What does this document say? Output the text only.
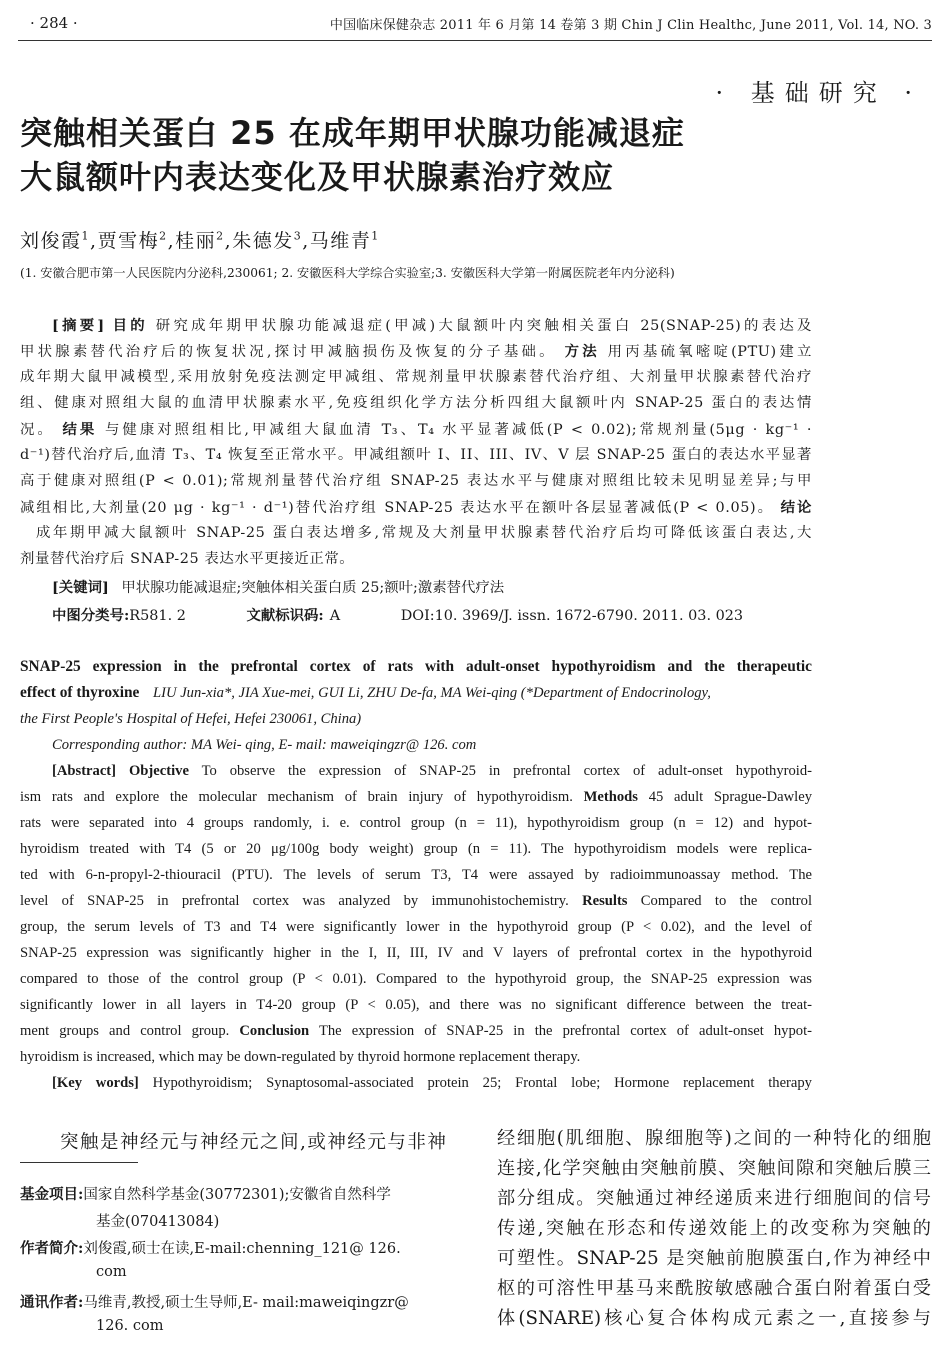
· 284 ·	中国临床保健杂志 2011 年 6 月第 14 卷第 3 期 Chin J Clin Healthc, June 2011, Vol. 14, NO. 3
· 基础研究 ·
突触相关蛋白 25 在成年期甲状腺功能减退症
大鼠额叶内表达变化及甲状腺素治疗效应
刘俊霞$^1$,贾雪梅$^2$,桂丽$^2$,朱德发$^3$,马维青$^1$
(1. 安徽合肥市第一人民医院内分泌科,230061; 2. 安徽医科大学综合实验室;3. 安徽医科大学第一附属医院老年内分泌科)
[摘要] 目的 研究成年期甲状腺功能减退症(甲减)大鼠额叶内突触相关蛋白 25(SNAP-25)的表达及
甲状腺素替代治疗后的恢复状况,探讨甲减脑损伤及恢复的分子基础。 方法 用丙基硫氧嘧啶(PTU)建立
成年期大鼠甲减模型,采用放射免疫法测定甲减组、常规剂量甲状腺素替代治疗组、大剂量甲状腺素替代治疗
组、健康对照组大鼠的血清甲状腺素水平,免疫组织化学方法分析四组大鼠额叶内 SNAP-25 蛋白的表达情
况。 结果 与健康对照组相比,甲减组大鼠血清 T₃、T₄ 水平显著减低(P < 0.02);常规剂量(5μg · kg⁻¹ ·
d⁻¹)替代治疗后,血清 T₃、T₄ 恢复至正常水平。甲减组额叶 I、II、III、IV、V 层 SNAP-25 蛋白的表达水平显著
高于健康对照组(P < 0.01);常规剂量替代治疗组 SNAP-25 表达水平与健康对照组比较未见明显差异;与甲
减组相比,大剂量(20 μg · kg⁻¹ · d⁻¹)替代治疗组 SNAP-25 表达水平在额叶各层显著减低(P < 0.05)。 结论
成年期甲减大鼠额叶 SNAP-25 蛋白表达增多,常规及大剂量甲状腺素替代治疗后均可降低该蛋白表达,大
剂量替代治疗后 SNAP-25 表达水平更接近正常。
[关键词] 甲状腺功能减退症;突触体相关蛋白质 25;额叶;激素替代疗法
中图分类号:R581. 2	文献标识码: A	DOI:10. 3969/J. issn. 1672-6790. 2011. 03. 023
SNAP-25 expression in the prefrontal cortex of rats with adult-onset hypothyroidism and the therapeutic
effect of thyroxine LIU Jun-xia*, JIA Xue-mei, GUI Li, ZHU De-fa, MA Wei-qing (*Department of Endocrinology,
the First People's Hospital of Hefei, Hefei 230061, China)
Corresponding author: MA Wei- qing, E- mail: maweiqingzr@ 126. com
[Abstract] Objective To observe the expression of SNAP-25 in prefrontal cortex of adult-onset hypothyroid-
ism rats and explore the molecular mechanism of brain injury of hypothyroidism. Methods 45 adult Sprague-Dawley
rats were separated into 4 groups randomly, i. e. control group (n = 11), hypothyroidism group (n = 12) and hypot-
hyroidism treated with T4 (5 or 20 μg/100g body weight) group (n = 11). The hypothyroidism models were replica-
ted with 6-n-propyl-2-thiouracil (PTU). The levels of serum T3, T4 were assayed by radioimmunoassay method. The
level of SNAP-25 in prefrontal cortex was analyzed by immunohistochemistry. Results Compared to the control
group, the serum levels of T3 and T4 were significantly lower in the hypothyroid group (P < 0.02), and the level of
SNAP-25 expression was significantly higher in the I, II, III, IV and V layers of prefrontal cortex in the hypothyroid
compared to those of the control group (P < 0.01). Compared to the hypothyroid group, the SNAP-25 expression was
significantly lower in all layers in T4-20 group (P < 0.05), and there was no significant difference between the treat-
ment groups and control group. Conclusion The expression of SNAP-25 in the prefrontal cortex of adult-onset hypot-
hyroidism is increased, which may be down-regulated by thyroid hormone replacement therapy.
[Key words] Hypothyroidism; Synaptosomal-associated protein 25; Frontal lobe; Hormone replacement therapy
突触是神经元与神经元之间,或神经元与非神
基金项目:国家自然科学基金(30772301);安徽省自然科学
基金(070413084)
作者简介:刘俊霞,硕士在读,E-mail:chenning_121@ 126.
com
通讯作者:马维青,教授,硕士生导师,E- mail:maweiqingzr@
126. com
经细胞(肌细胞、腺细胞等)之间的一种特化的细胞
连接,化学突触由突触前膜、突触间隙和突触后膜三
部分组成。突触通过神经递质来进行细胞间的信号
传递,突触在形态和传递效能上的改变称为突触的
可塑性。SNAP-25 是突触前胞膜蛋白,作为神经中
枢的可溶性甲基马来酰胺敏感融合蛋白附着蛋白受
体(SNARE)核心复合体构成元素之一,直接参与
